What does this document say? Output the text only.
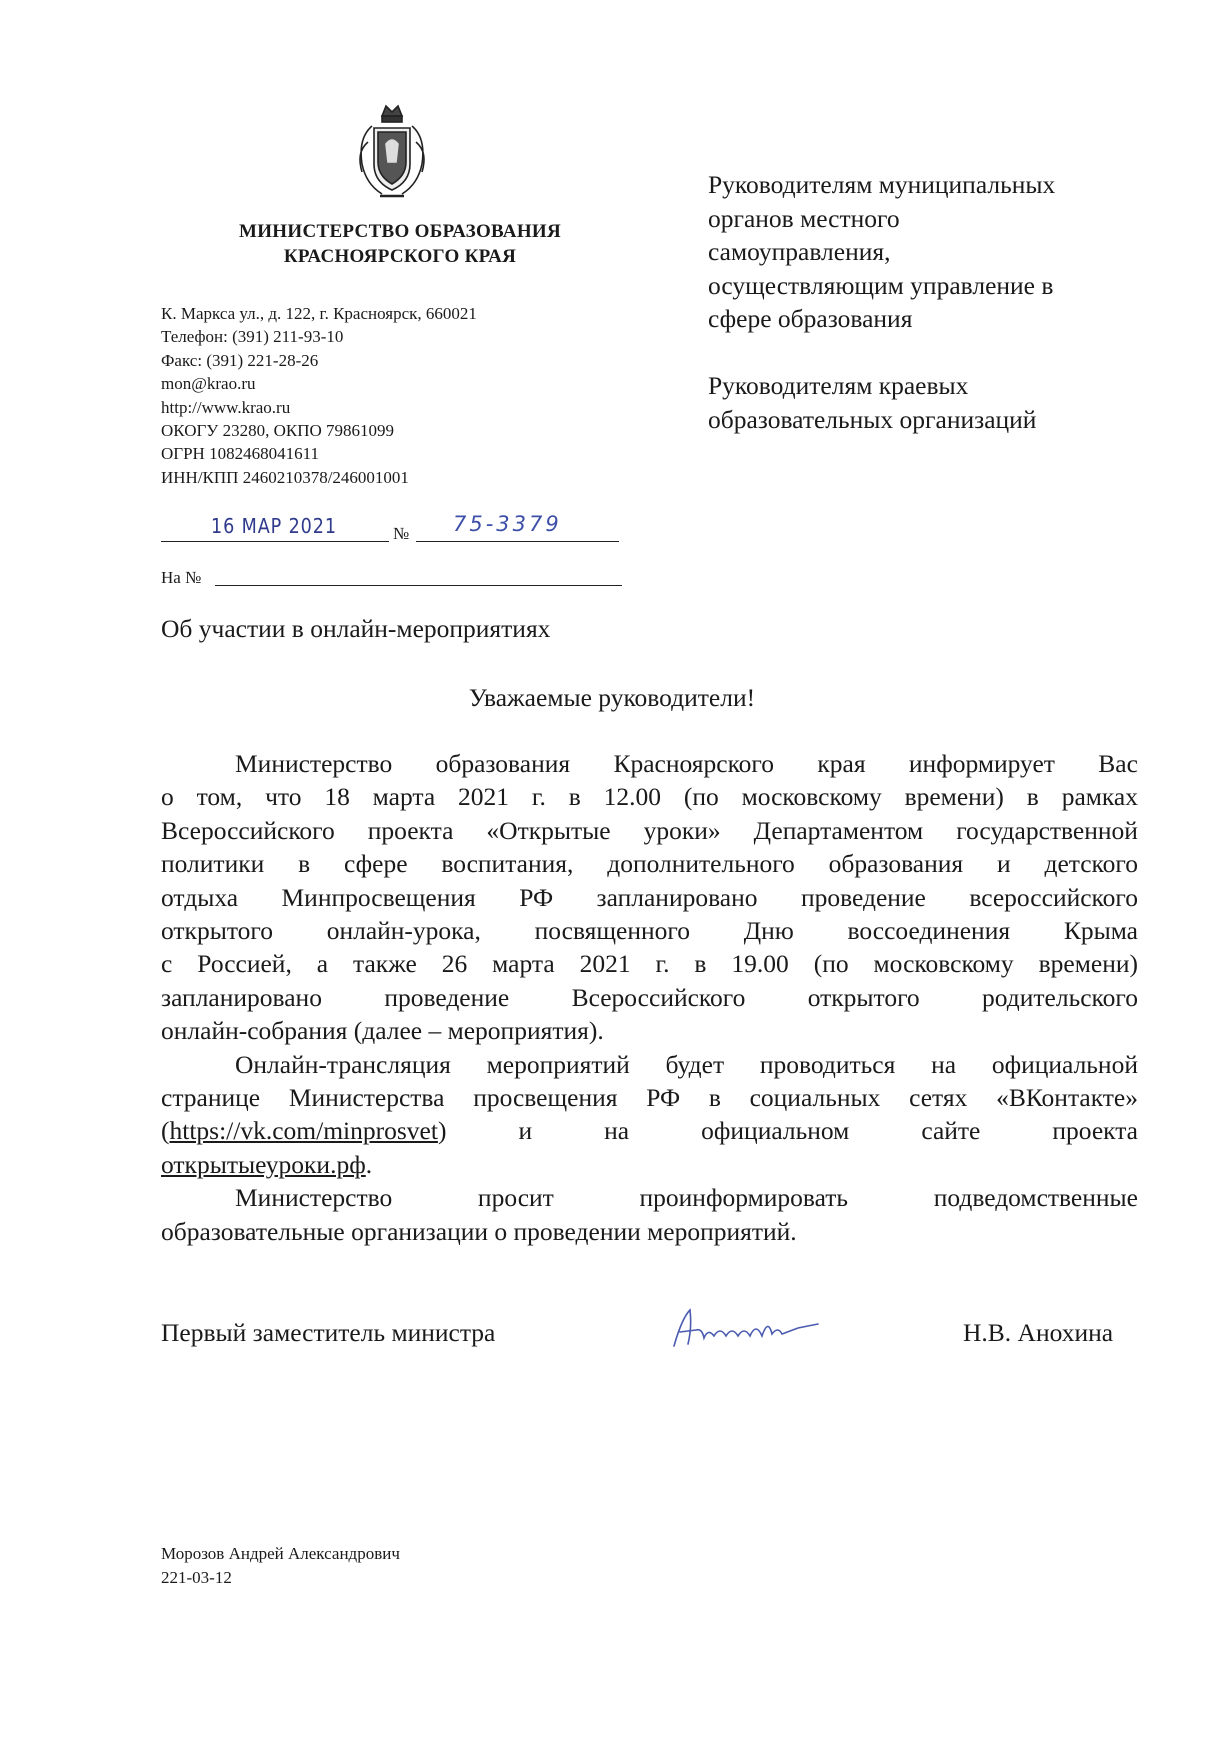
МИНИСТЕРСТВО ОБРАЗОВАНИЯ
КРАСНОЯРСКОГО КРАЯ
К. Маркса ул., д. 122, г. Красноярск, 660021
Телефон: (391) 211-93-10
Факс: (391) 221-28-26
mon@krao.ru
http://www.krao.ru
ОКОГУ 23280, ОКПО 79861099
ОГРН 1082468041611
ИНН/КПП 2460210378/246001001
16 MAP 2021	№ 75-3379
На №
Руководителям муниципальных
органов местного
самоуправления,
осуществляющим управление в
сфере образования
Руководителям краевых
образовательных организаций
Об участии в онлайн-мероприятиях
Уважаемые руководители!
Министерство образования Красноярского края информирует Вас
о том, что 18 марта 2021 г. в 12.00 (по московскому времени) в рамках
Всероссийского проекта «Открытые уроки» Департаментом государственной
политики в сфере воспитания, дополнительного образования и детского
отдыха Минпросвещения РФ запланировано проведение всероссийского
открытого онлайн-урока, посвященного Дню воссоединения Крыма
с Россией, а также 26 марта 2021 г. в 19.00 (по московскому времени)
запланировано проведение Всероссийского открытого родительского
онлайн-собрания (далее – мероприятия).
Онлайн-трансляция мероприятий будет проводиться на официальной
странице Министерства просвещения РФ в социальных сетях «ВКонтакте»
(https://vk.com/minprosvet)	и	на	официальном	сайте	проекта
открытыеуроки.рф.
Министерство	просит	проинформировать	подведомственные
образовательные организации о проведении мероприятий.
Первый заместитель министра	Н.В. Анохина
Морозов Андрей Александрович
221-03-12
